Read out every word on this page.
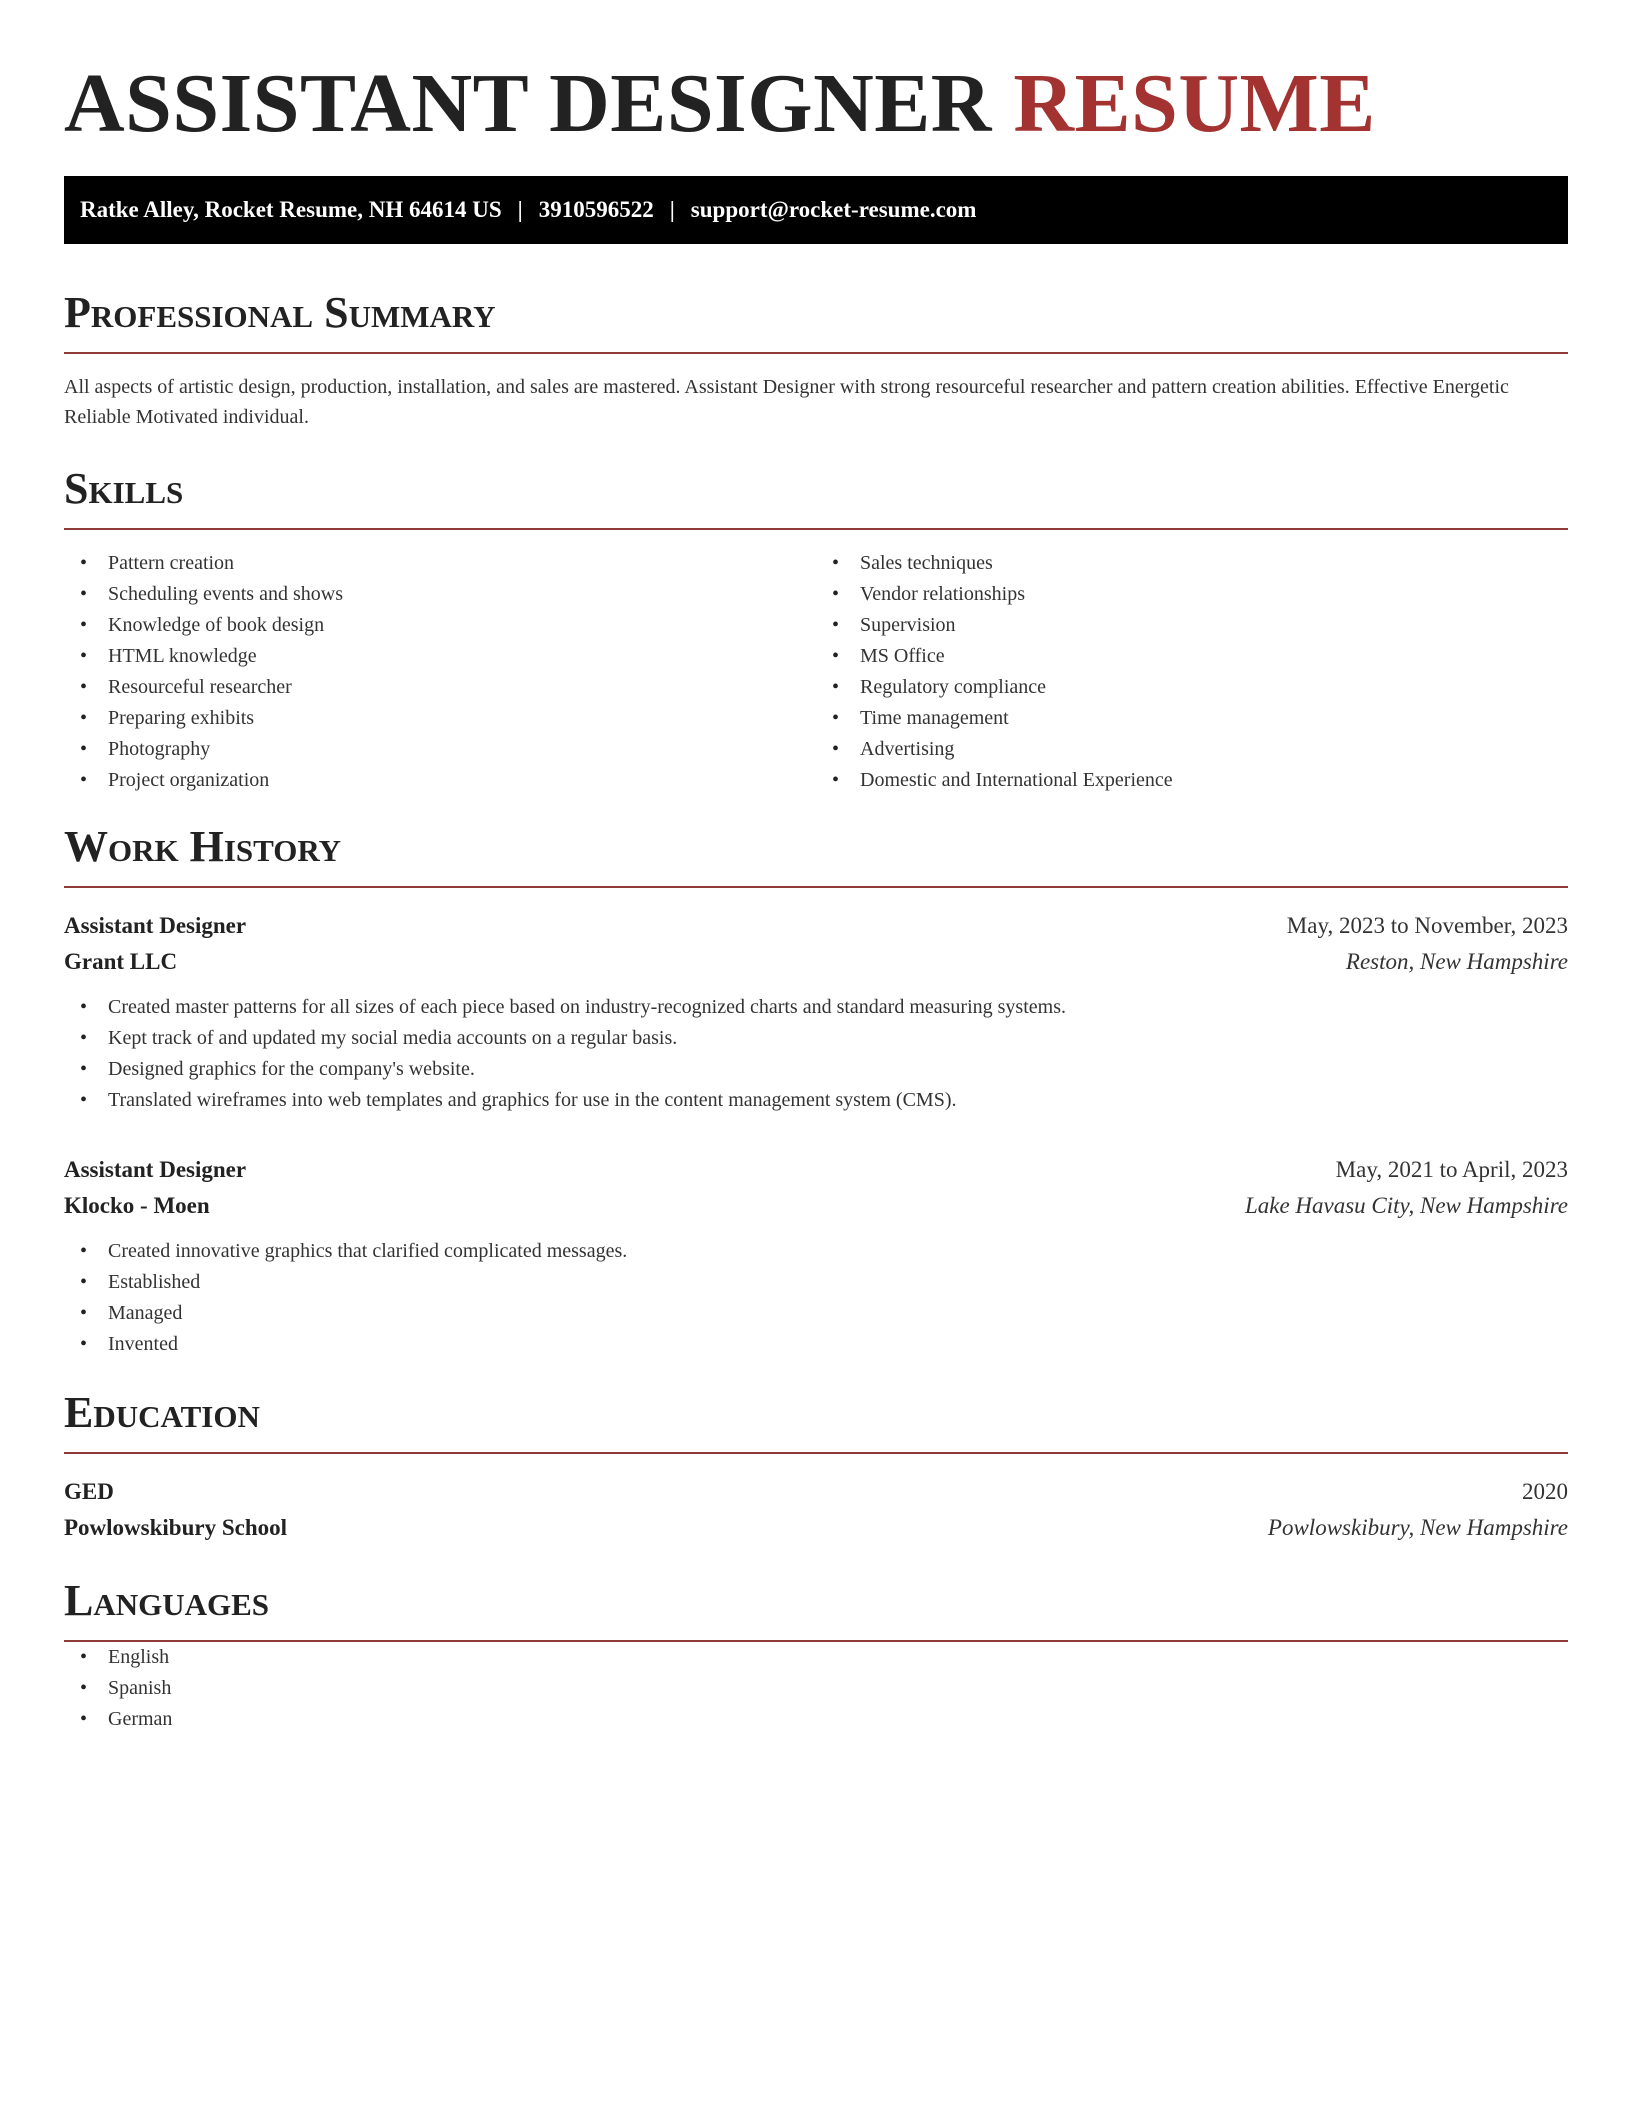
ASSISTANT DESIGNER RESUME
Ratke Alley, Rocket Resume, NH 64614 US | 3910596522 | support@rocket-resume.com
Professional Summary

All aspects of artistic design, production, installation, and sales are mastered. Assistant Designer with strong resourceful researcher and pattern creation abilities. Effective Energetic Reliable Motivated individual.

Skills
• Pattern creation
• Scheduling events and shows
• Knowledge of book design
• HTML knowledge
• Resourceful researcher
• Preparing exhibits
• Photography
• Project organization
• Sales techniques
• Vendor relationships
• Supervision
• MS Office
• Regulatory compliance
• Time management
• Advertising
• Domestic and International Experience
Work History
Assistant Designer	May, 2023 to November, 2023
Grant LLC	Reston, New Hampshire
• Created master patterns for all sizes of each piece based on industry-recognized charts and standard measuring systems.
• Kept track of and updated my social media accounts on a regular basis.
• Designed graphics for the company's website.
• Translated wireframes into web templates and graphics for use in the content management system (CMS).
Assistant Designer	May, 2021 to April, 2023
Klocko - Moen	Lake Havasu City, New Hampshire
• Created innovative graphics that clarified complicated messages.
• Established
• Managed
• Invented
Education
GED	2020
Powlowskibury School	Powlowskibury, New Hampshire
Languages
• English
• Spanish
• German
